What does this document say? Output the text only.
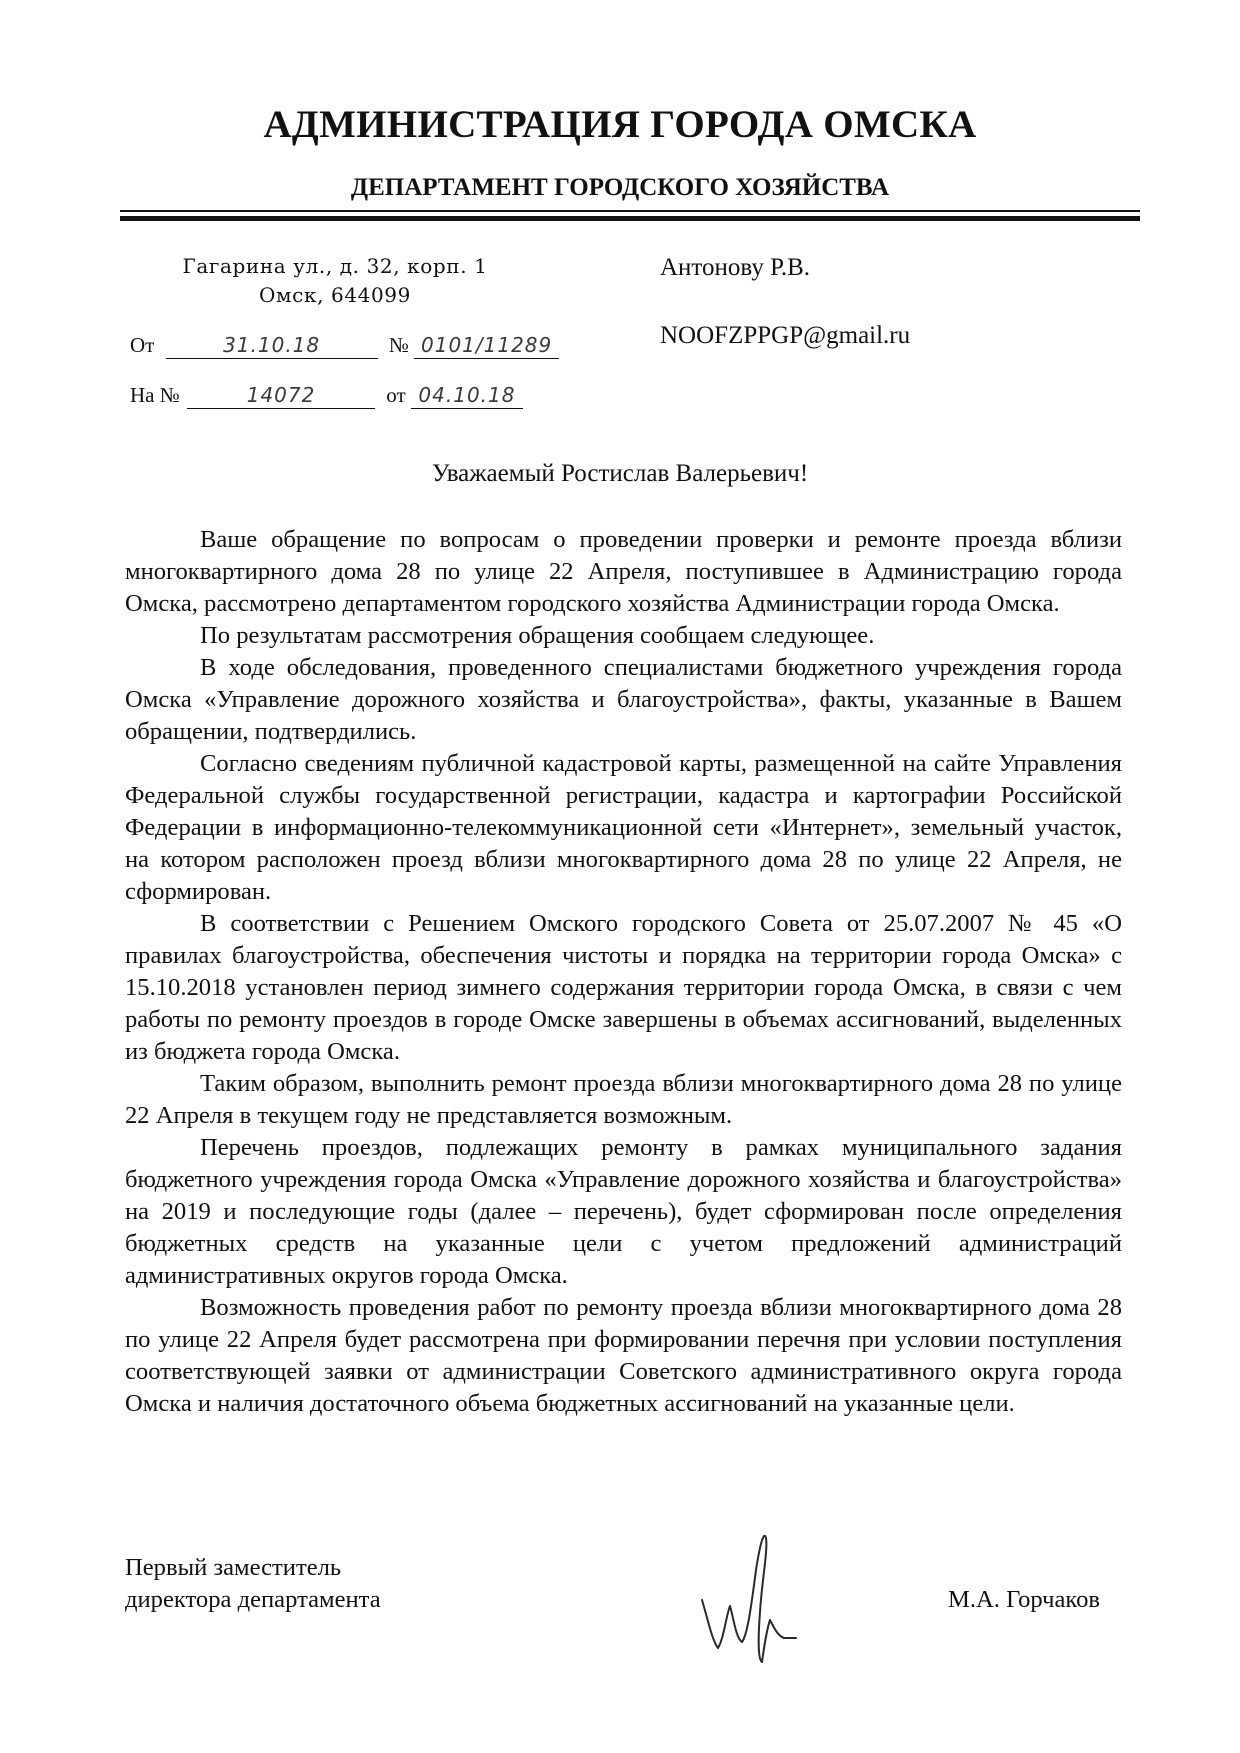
АДМИНИСТРАЦИЯ ГОРОДА ОМСКА
ДЕПАРТАМЕНТ ГОРОДСКОГО ХОЗЯЙСТВА
Гагарина ул., д. 32, корп. 1
Омск, 644099
От	31.10.18	№ 0101/11289
На №	14072	от 04.10.18
Антонову Р.В.
NOOFZPPGP@gmail.ru
Уважаемый Ростислав Валерьевич!

Ваше обращение по вопросам о проведении проверки и ремонте проезда вблизи многоквартирного дома 28 по улице 22 Апреля, поступившее в Администрацию города Омска, рассмотрено департаментом городского хозяйства Администрации города Омска.

По результатам рассмотрения обращения сообщаем следующее.

В ходе обследования, проведенного специалистами бюджетного учреждения города Омска «Управление дорожного хозяйства и благоустройства», факты, указанные в Вашем обращении, подтвердились.

Согласно сведениям публичной кадастровой карты, размещенной на сайте Управления Федеральной службы государственной регистрации, кадастра и картографии Российской Федерации в информационно-телекоммуникационной сети «Интернет», земельный участок, на котором расположен проезд вблизи многоквартирного дома 28 по улице 22 Апреля, не сформирован.

В соответствии с Решением Омского городского Совета от 25.07.2007 № 45 «О правилах благоустройства, обеспечения чистоты и порядка на территории города Омска» с 15.10.2018 установлен период зимнего содержания территории города Омска, в связи с чем работы по ремонту проездов в городе Омске завершены в объемах ассигнований, выделенных из бюджета города Омска.

Таким образом, выполнить ремонт проезда вблизи многоквартирного дома 28 по улице 22 Апреля в текущем году не представляется возможным.

Перечень проездов, подлежащих ремонту в рамках муниципального задания бюджетного учреждения города Омска «Управление дорожного хозяйства и благоустройства» на 2019 и последующие годы (далее – перечень), будет сформирован после определения бюджетных средств на указанные цели с учетом предложений администраций административных округов города Омска.

Возможность проведения работ по ремонту проезда вблизи многоквартирного дома 28 по улице 22 Апреля будет рассмотрена при формировании перечня при условии поступления соответствующей заявки от администрации Советского административного округа города Омска и наличия достаточного объема бюджетных ассигнований на указанные цели.

Первый заместитель
директора департамента	М.А. Горчаков
